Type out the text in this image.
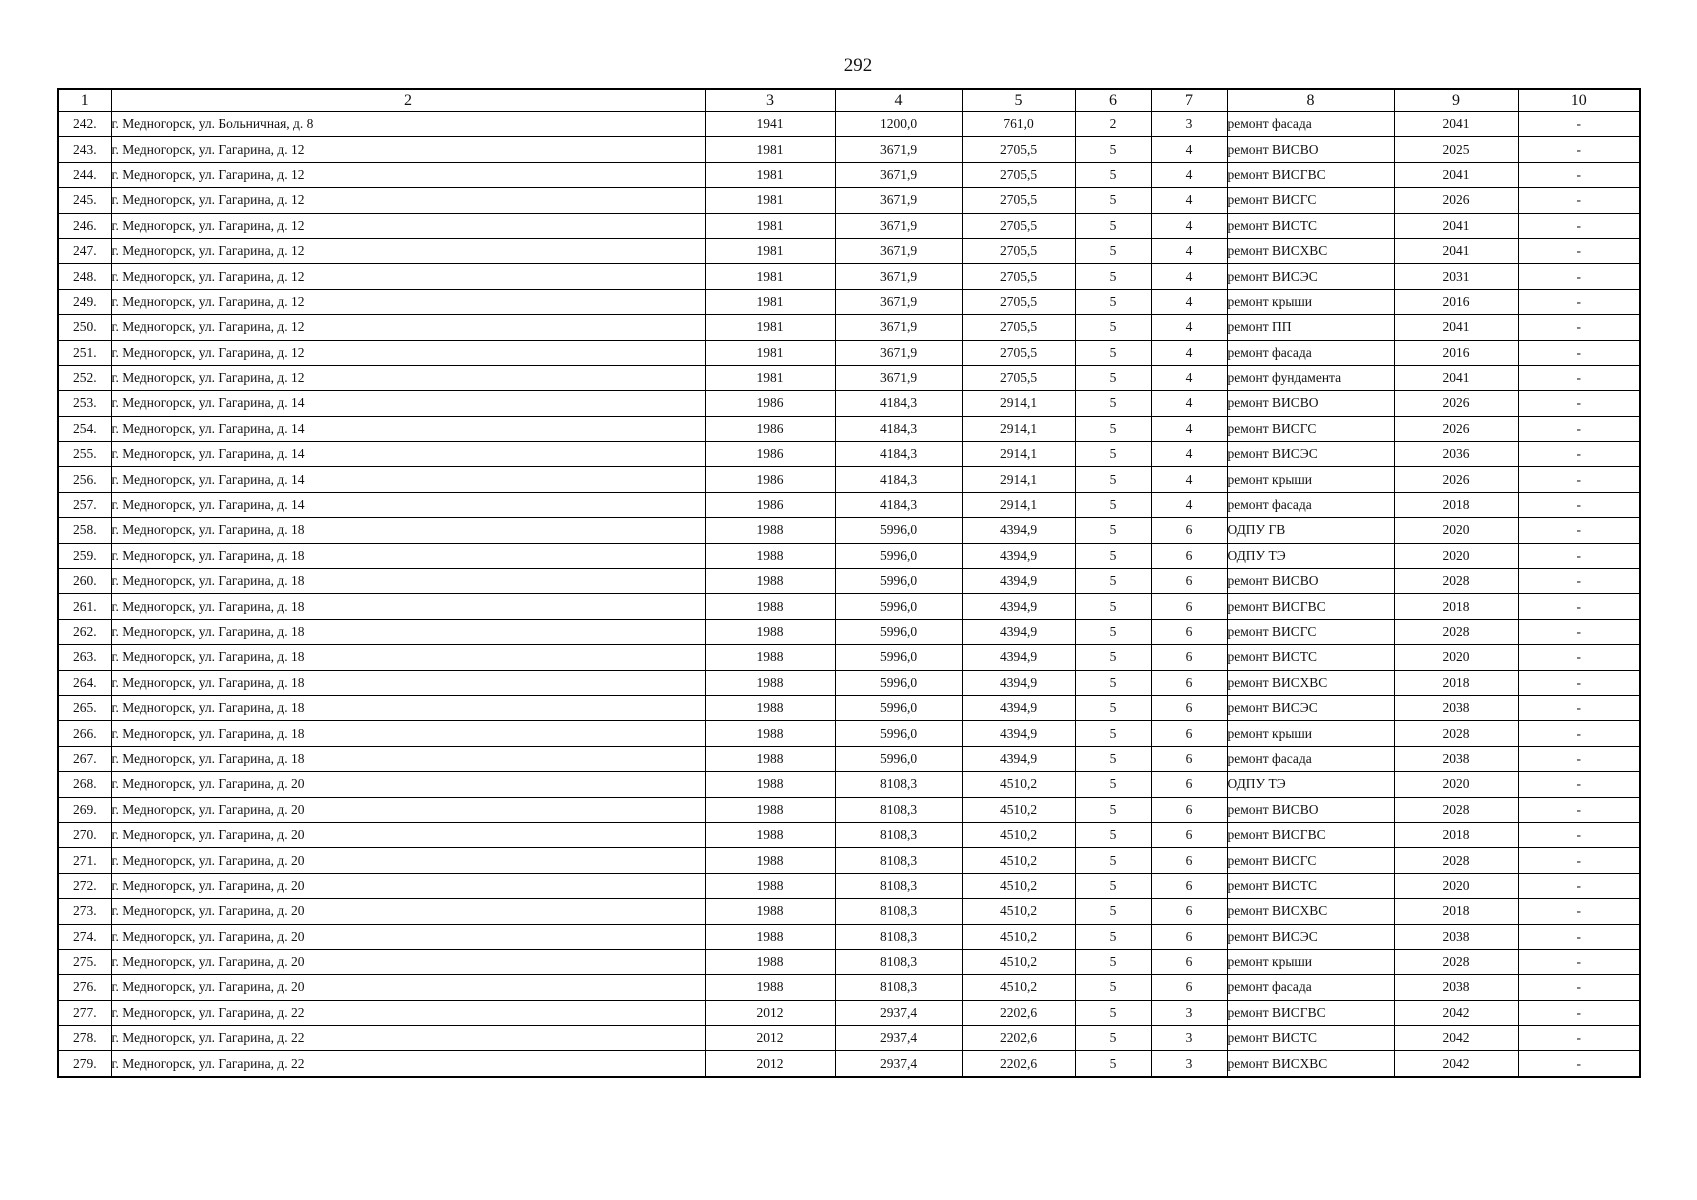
292
1	2	3	4	5	6	7	8	9	10
242.	г. Медногорск, ул. Больничная, д. 8	1941	1200,0	761,0	2	3	ремонт фасада	2041	-
243.	г. Медногорск, ул. Гагарина, д. 12	1981	3671,9	2705,5	5	4	ремонт ВИСВО	2025	-
244.	г. Медногорск, ул. Гагарина, д. 12	1981	3671,9	2705,5	5	4	ремонт ВИСГВС	2041	-
245.	г. Медногорск, ул. Гагарина, д. 12	1981	3671,9	2705,5	5	4	ремонт ВИСГС	2026	-
246.	г. Медногорск, ул. Гагарина, д. 12	1981	3671,9	2705,5	5	4	ремонт ВИСТС	2041	-
247.	г. Медногорск, ул. Гагарина, д. 12	1981	3671,9	2705,5	5	4	ремонт ВИСХВС	2041	-
248.	г. Медногорск, ул. Гагарина, д. 12	1981	3671,9	2705,5	5	4	ремонт ВИСЭС	2031	-
249.	г. Медногорск, ул. Гагарина, д. 12	1981	3671,9	2705,5	5	4	ремонт крыши	2016	-
250.	г. Медногорск, ул. Гагарина, д. 12	1981	3671,9	2705,5	5	4	ремонт ПП	2041	-
251.	г. Медногорск, ул. Гагарина, д. 12	1981	3671,9	2705,5	5	4	ремонт фасада	2016	-
252.	г. Медногорск, ул. Гагарина, д. 12	1981	3671,9	2705,5	5	4	ремонт фундамента	2041	-
253.	г. Медногорск, ул. Гагарина, д. 14	1986	4184,3	2914,1	5	4	ремонт ВИСВО	2026	-
254.	г. Медногорск, ул. Гагарина, д. 14	1986	4184,3	2914,1	5	4	ремонт ВИСГС	2026	-
255.	г. Медногорск, ул. Гагарина, д. 14	1986	4184,3	2914,1	5	4	ремонт ВИСЭС	2036	-
256.	г. Медногорск, ул. Гагарина, д. 14	1986	4184,3	2914,1	5	4	ремонт крыши	2026	-
257.	г. Медногорск, ул. Гагарина, д. 14	1986	4184,3	2914,1	5	4	ремонт фасада	2018	-
258.	г. Медногорск, ул. Гагарина, д. 18	1988	5996,0	4394,9	5	6	ОДПУ ГВ	2020	-
259.	г. Медногорск, ул. Гагарина, д. 18	1988	5996,0	4394,9	5	6	ОДПУ ТЭ	2020	-
260.	г. Медногорск, ул. Гагарина, д. 18	1988	5996,0	4394,9	5	6	ремонт ВИСВО	2028	-
261.	г. Медногорск, ул. Гагарина, д. 18	1988	5996,0	4394,9	5	6	ремонт ВИСГВС	2018	-
262.	г. Медногорск, ул. Гагарина, д. 18	1988	5996,0	4394,9	5	6	ремонт ВИСГС	2028	-
263.	г. Медногорск, ул. Гагарина, д. 18	1988	5996,0	4394,9	5	6	ремонт ВИСТС	2020	-
264.	г. Медногорск, ул. Гагарина, д. 18	1988	5996,0	4394,9	5	6	ремонт ВИСХВС	2018	-
265.	г. Медногорск, ул. Гагарина, д. 18	1988	5996,0	4394,9	5	6	ремонт ВИСЭС	2038	-
266.	г. Медногорск, ул. Гагарина, д. 18	1988	5996,0	4394,9	5	6	ремонт крыши	2028	-
267.	г. Медногорск, ул. Гагарина, д. 18	1988	5996,0	4394,9	5	6	ремонт фасада	2038	-
268.	г. Медногорск, ул. Гагарина, д. 20	1988	8108,3	4510,2	5	6	ОДПУ ТЭ	2020	-
269.	г. Медногорск, ул. Гагарина, д. 20	1988	8108,3	4510,2	5	6	ремонт ВИСВО	2028	-
270.	г. Медногорск, ул. Гагарина, д. 20	1988	8108,3	4510,2	5	6	ремонт ВИСГВС	2018	-
271.	г. Медногорск, ул. Гагарина, д. 20	1988	8108,3	4510,2	5	6	ремонт ВИСГС	2028	-
272.	г. Медногорск, ул. Гагарина, д. 20	1988	8108,3	4510,2	5	6	ремонт ВИСТС	2020	-
273.	г. Медногорск, ул. Гагарина, д. 20	1988	8108,3	4510,2	5	6	ремонт ВИСХВС	2018	-
274.	г. Медногорск, ул. Гагарина, д. 20	1988	8108,3	4510,2	5	6	ремонт ВИСЭС	2038	-
275.	г. Медногорск, ул. Гагарина, д. 20	1988	8108,3	4510,2	5	6	ремонт крыши	2028	-
276.	г. Медногорск, ул. Гагарина, д. 20	1988	8108,3	4510,2	5	6	ремонт фасада	2038	-
277.	г. Медногорск, ул. Гагарина, д. 22	2012	2937,4	2202,6	5	3	ремонт ВИСГВС	2042	-
278.	г. Медногорск, ул. Гагарина, д. 22	2012	2937,4	2202,6	5	3	ремонт ВИСТС	2042	-
279.	г. Медногорск, ул. Гагарина, д. 22	2012	2937,4	2202,6	5	3	ремонт ВИСХВС	2042	-
